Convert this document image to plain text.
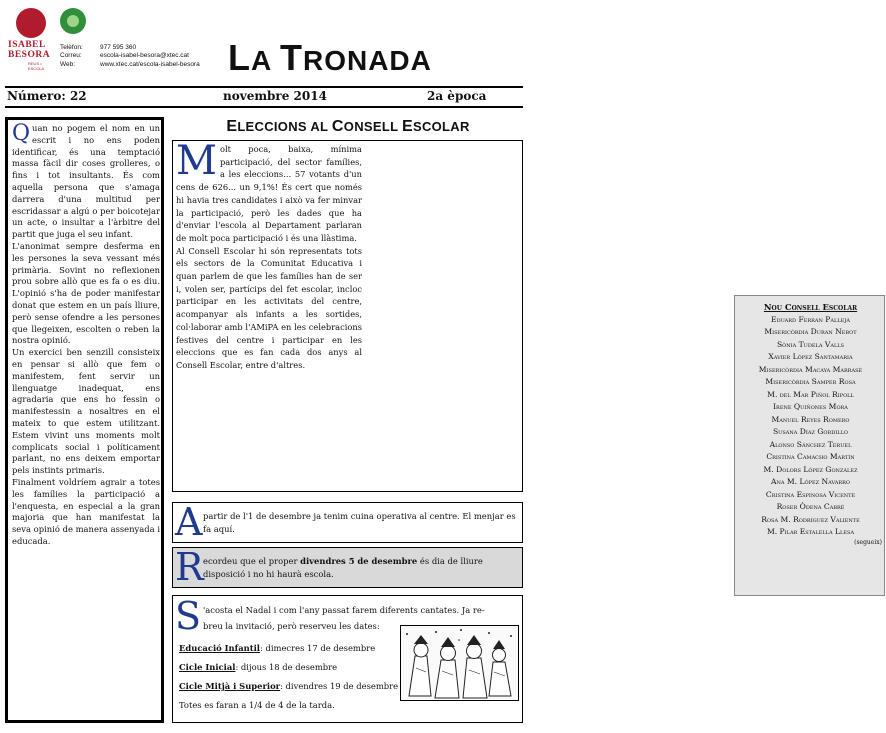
ISABEL
BESORA
REUS • ESCOLA
Telèfon:	977 595 360
Correu:	escola-isabel-besora@xtec.cat
Web:	www.xtec.cat/escola-isabel-besora LA TRONADA
Número: 22	novembre 2014	2a època

Quan no pogem el nom en un escrit i no ens poden identificar, és una temptació massa fàcil dir coses grolleres, o fins i tot insultants. És com aquella persona que s'amaga darrera d'una multitud per escridassar a algú o per boicotejar un acte, o insultar a l'àrbitre del partit que juga el seu infant.

L'anonimat sempre desferma en les persones la seva vessant més primària. Sovint no reflexionen prou sobre allò que es fa o es diu. L'opinió s'ha de poder manifestar donat que estem en un país lliure, però sense ofendre a les persones que llegeixen, escolten o reben la nostra opinió.

Un exercici ben senzill consisteix en pensar si allò que fem o manifestem, fent servir un llenguatge inadequat, ens agradaria que ens ho fessin o manifestessin a nosaltres en el mateix to que estem utilitzant. Estem vivint uns moments molt complicats social i políticament parlant, no ens deixem emportar pels instints primaris.

Finalment voldríem agrair a totes les famílies la participació a l'enquesta, en especial a la gran majoria que han manifestat la seva opinió de manera assenyada i educada.

ELECCIONS AL CONSELL ESCOLAR
Nou Consell Escolar
Eduard Ferran Pallejà
Misericòrdia Duran Nebot
Sònia Tudela Valls
Xavier López Santamaria
Misericòrdia Macaya Marrasé
Misericòrdia Samper Rosa
M. del Mar Piñol Ripoll
Irene Quiñones Mora
Manuel Reyes Romero
Susana Díaz Gordillo
Alonso Sánchez Teruel
Cristina Camacho Martín
M. Dolors López González
Ana M. López Navarro
Cristina Espinosa Vicente
Roser Òdena Cabré
Rosa M. Rodríguez Valiente
M. Pilar Estalella Llesa
(segueix)

Molt poca, baixa, mínima participació, del sector famílies, a les eleccions... 57 votants d'un cens de 626... un 9,1%! És cert que només hi havia tres candidates i això va fer minvar la participació, però les dades que ha d'enviar l'escola al Departament parlaran de molt poca participació i és una llàstima.

Al Consell Escolar hi són representats tots els sectors de la Comunitat Educativa i quan parlem de que les famílies han de ser i, volen ser, partícips del fet escolar, incloc participar en les activitats del centre, acompanyar als infants a les sortides, col·laborar amb l'AMiPA en les celebracions festives del centre i participar en les eleccions que es fan cada dos anys al Consell Escolar, entre d'altres.

A partir de l'1 de desembre ja tenim cuina operativa al centre. El menjar es fa aquí.
R ecordeu que el proper divendres 5 de desembre és dia de lliure disposició i no hi haurà escola.
S 'acosta el Nadal i com l'any passat farem diferents cantates. Ja re-

breu la invitació, però reserveu les dates:

Educació Infantil: dimecres 17 de desembre
Cicle Inicial: dijous 18 de desembre
Cicle Mitjà i Superior: divendres 19 de desembre
Totes es faran a 1/4 de 4 de la tarda.
